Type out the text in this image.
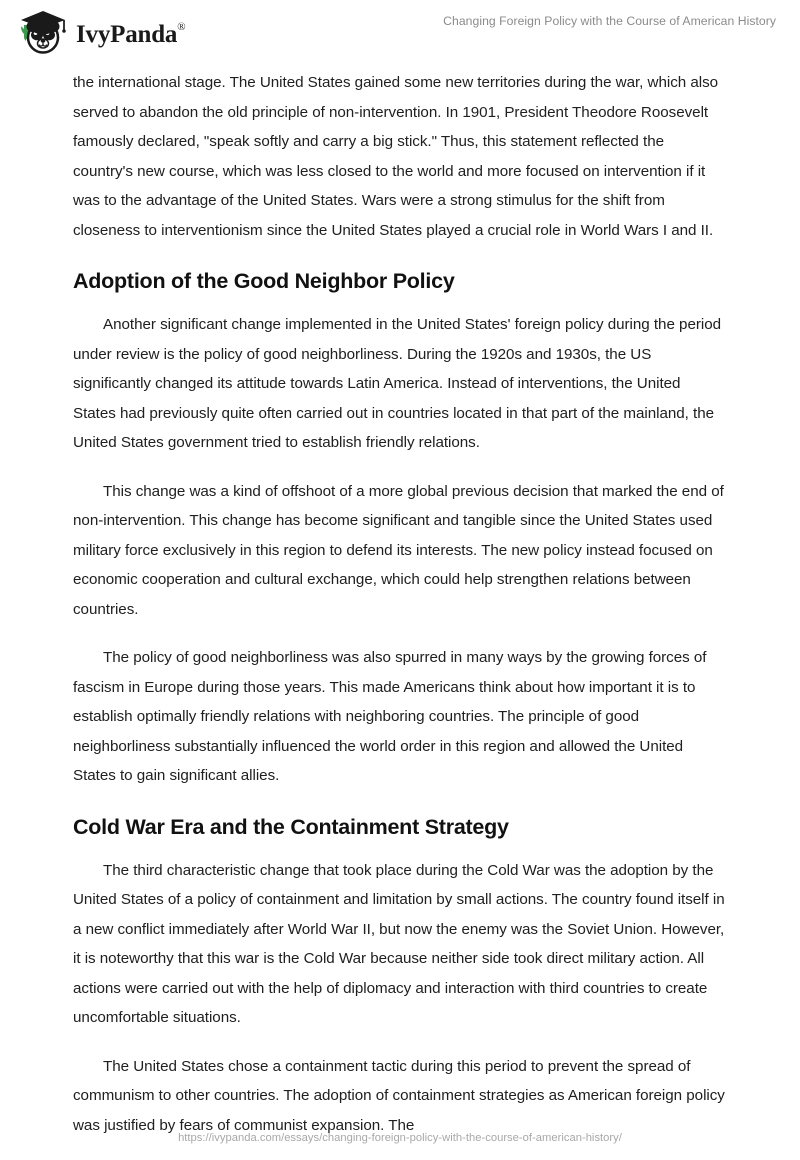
IvyPanda®	Changing Foreign Policy with the Course of American History

the international stage. The United States gained some new territories during the war, which also served to abandon the old principle of non-intervention. In 1901, President Theodore Roosevelt famously declared, "speak softly and carry a big stick." Thus, this statement reflected the country's new course, which was less closed to the world and more focused on intervention if it was to the advantage of the United States. Wars were a strong stimulus for the shift from closeness to interventionism since the United States played a crucial role in World Wars I and II.

Adoption of the Good Neighbor Policy

Another significant change implemented in the United States' foreign policy during the period under review is the policy of good neighborliness. During the 1920s and 1930s, the US significantly changed its attitude towards Latin America. Instead of interventions, the United States had previously quite often carried out in countries located in that part of the mainland, the United States government tried to establish friendly relations.

This change was a kind of offshoot of a more global previous decision that marked the end of non-intervention. This change has become significant and tangible since the United States used military force exclusively in this region to defend its interests. The new policy instead focused on economic cooperation and cultural exchange, which could help strengthen relations between countries.

The policy of good neighborliness was also spurred in many ways by the growing forces of fascism in Europe during those years. This made Americans think about how important it is to establish optimally friendly relations with neighboring countries. The principle of good neighborliness substantially influenced the world order in this region and allowed the United States to gain significant allies.

Cold War Era and the Containment Strategy

The third characteristic change that took place during the Cold War was the adoption by the United States of a policy of containment and limitation by small actions. The country found itself in a new conflict immediately after World War II, but now the enemy was the Soviet Union. However, it is noteworthy that this war is the Cold War because neither side took direct military action. All actions were carried out with the help of diplomacy and interaction with third countries to create uncomfortable situations.

The United States chose a containment tactic during this period to prevent the spread of communism to other countries. The adoption of containment strategies as American foreign policy was justified by fears of communist expansion. The

https://ivypanda.com/essays/changing-foreign-policy-with-the-course-of-american-history/
